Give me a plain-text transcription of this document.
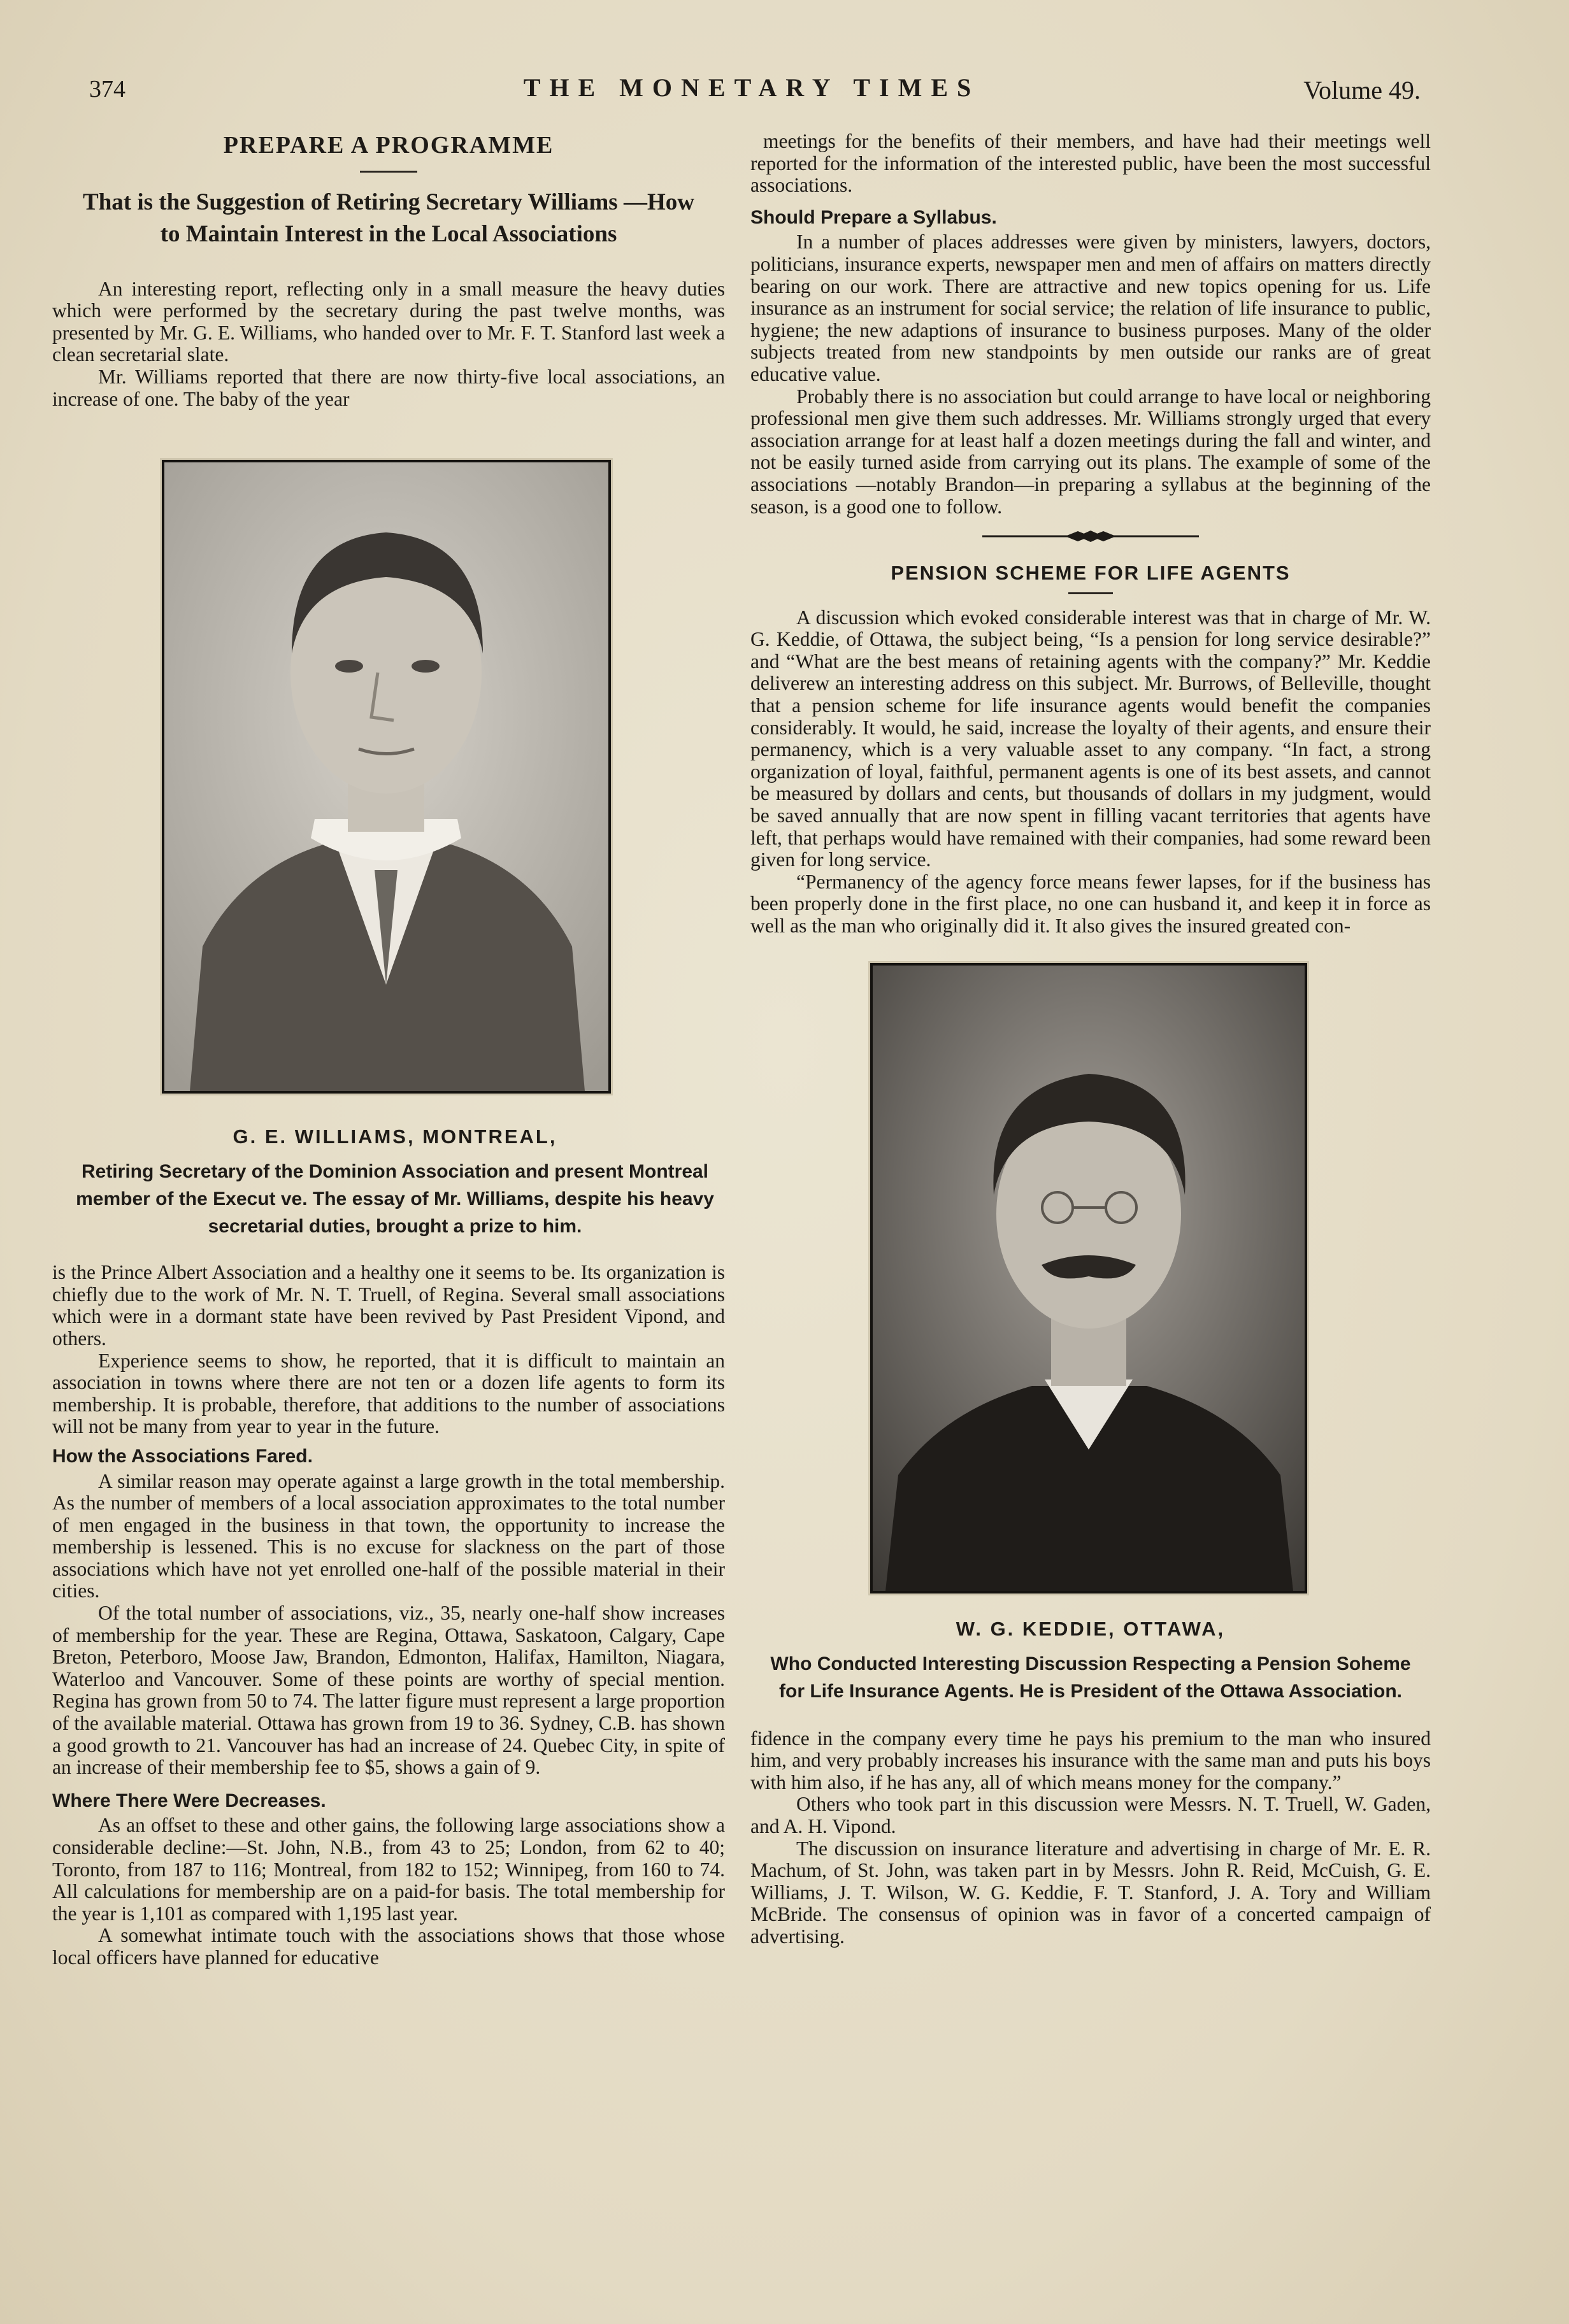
374	THE MONETARY TIMES	Volume 49.
PREPARE A PROGRAMME
That is the Suggestion of Retiring Secretary Williams —How to Maintain Interest in the Local Associations

An interesting report, reflecting only in a small measure the heavy duties which were performed by the secretary during the past twelve months, was presented by Mr. G. E. Williams, who handed over to Mr. F. T. Stanford last week a clean secretarial slate.

Mr. Williams reported that there are now thirty-five local associations, an increase of one. The baby of the year

G. E. WILLIAMS, MONTREAL,
Retiring Secretary of the Dominion Association and present Montreal member of the Execut ve. The essay of Mr. Williams, despite his heavy secretarial duties, brought a prize to him.

is the Prince Albert Association and a healthy one it seems to be. Its organization is chiefly due to the work of Mr. N. T. Truell, of Regina. Several small associations which were in a dormant state have been revived by Past President Vipond, and others.

Experience seems to show, he reported, that it is difficult to maintain an association in towns where there are not ten or a dozen life agents to form its membership. It is probable, therefore, that additions to the number of associations will not be many from year to year in the future.

How the Associations Fared.

A similar reason may operate against a large growth in the total membership. As the number of members of a local association approximates to the total number of men engaged in the business in that town, the opportunity to increase the membership is lessened. This is no excuse for slackness on the part of those associations which have not yet enrolled one-half of the possible material in their cities.

Of the total number of associations, viz., 35, nearly one-half show increases of membership for the year. These are Regina, Ottawa, Saskatoon, Calgary, Cape Breton, Peterboro, Moose Jaw, Brandon, Edmonton, Halifax, Hamilton, Niagara, Waterloo and Vancouver. Some of these points are worthy of special mention. Regina has grown from 50 to 74. The latter figure must represent a large proportion of the available material. Ottawa has grown from 19 to 36. Sydney, C.B. has shown a good growth to 21. Vancouver has had an increase of 24. Quebec City, in spite of an increase of their membership fee to $5, shows a gain of 9.

Where There Were Decreases.

As an offset to these and other gains, the following large associations show a considerable decline:—St. John, N.B., from 43 to 25; London, from 62 to 40; Toronto, from 187 to 116; Montreal, from 182 to 152; Winnipeg, from 160 to 74. All calculations for membership are on a paid-for basis. The total membership for the year is 1,101 as compared with 1,195 last year.

A somewhat intimate touch with the associations shows that those whose local officers have planned for educative

meetings for the benefits of their members, and have had their meetings well reported for the information of the interested public, have been the most successful associations.

Should Prepare a Syllabus.

In a number of places addresses were given by ministers, lawyers, doctors, politicians, insurance experts, newspaper men and men of affairs on matters directly bearing on our work. There are attractive and new topics opening for us. Life insurance as an instrument for social service; the relation of life insurance to public, hygiene; the new adaptions of insurance to business purposes. Many of the older subjects treated from new standpoints by men outside our ranks are of great educative value.

Probably there is no association but could arrange to have local or neighboring professional men give them such addresses. Mr. Williams strongly urged that every association arrange for at least half a dozen meetings during the fall and winter, and not be easily turned aside from carrying out its plans. The example of some of the associations —notably Brandon—in preparing a syllabus at the beginning of the season, is a good one to follow.

PENSION SCHEME FOR LIFE AGENTS

A discussion which evoked considerable interest was that in charge of Mr. W. G. Keddie, of Ottawa, the subject being, “Is a pension for long service desirable?” and “What are the best means of retaining agents with the company?” Mr. Keddie deliverew an interesting address on this subject. Mr. Burrows, of Belleville, thought that a pension scheme for life insurance agents would benefit the companies considerably. It would, he said, increase the loyalty of their agents, and ensure their permanency, which is a very valuable asset to any company. “In fact, a strong organization of loyal, faithful, permanent agents is one of its best assets, and cannot be measured by dollars and cents, but thousands of dollars in my judgment, would be saved annually that are now spent in filling vacant territories that agents have left, that perhaps would have remained with their companies, had some reward been given for long service.

“Permanency of the agency force means fewer lapses, for if the business has been properly done in the first place, no one can husband it, and keep it in force as well as the man who originally did it. It also gives the insured greated con-

W. G. KEDDIE, OTTAWA,
Who Conducted Interesting Discussion Respecting a Pension Soheme for Life Insurance Agents. He is President of the Ottawa Association.

fidence in the company every time he pays his premium to the man who insured him, and very probably increases his insurance with the same man and puts his boys with him also, if he has any, all of which means money for the company.”

Others who took part in this discussion were Messrs. N. T. Truell, W. Gaden, and A. H. Vipond.

The discussion on insurance literature and advertising in charge of Mr. E. R. Machum, of St. John, was taken part in by Messrs. John R. Reid, McCuish, G. E. Williams, J. T. Wilson, W. G. Keddie, F. T. Stanford, J. A. Tory and William McBride. The consensus of opinion was in favor of a concerted campaign of advertising.
